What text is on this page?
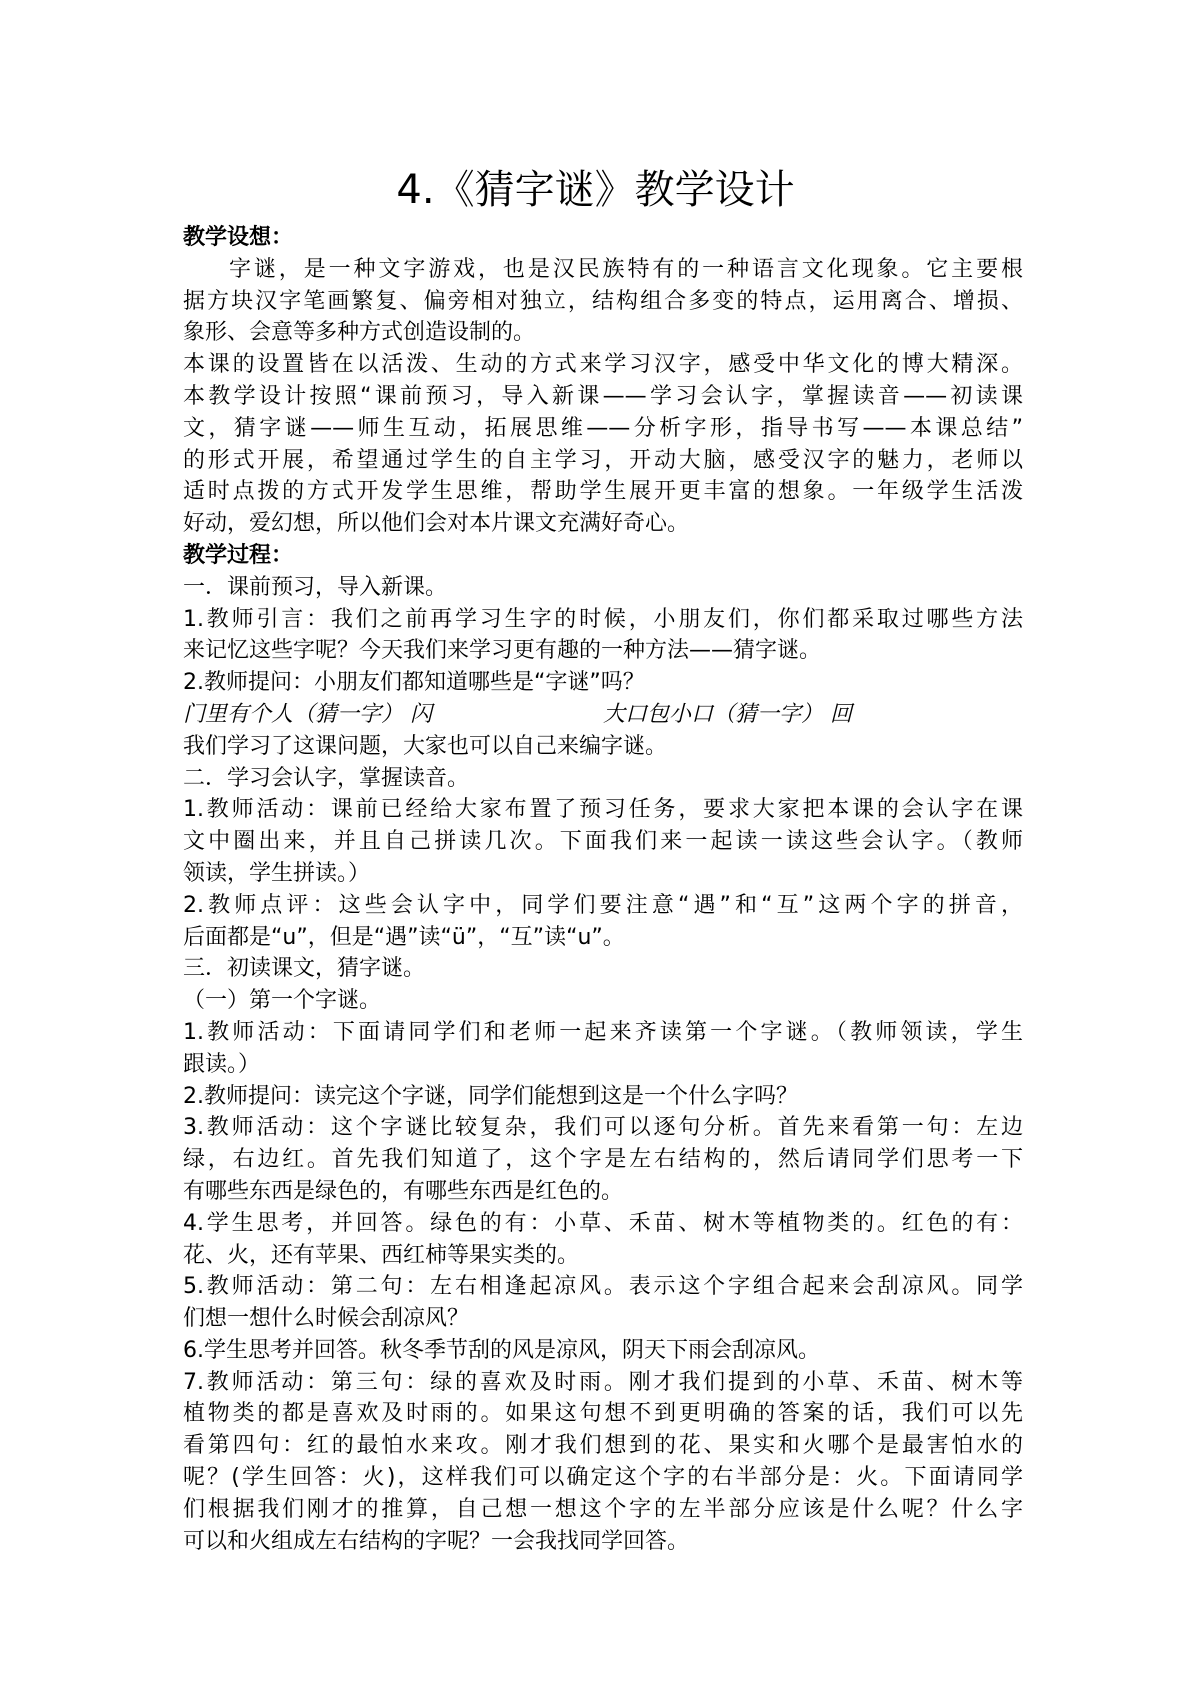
4.《猜字谜》教学设计
教学设想：
字谜，是一种文字游戏，也是汉民族特有的一种语言文化现象。它主要根
据方块汉字笔画繁复、偏旁相对独立，结构组合多变的特点，运用离合、增损、
象形、会意等多种方式创造设制的。
本课的设置皆在以活泼、生动的方式来学习汉字，感受中华文化的博大精深。
本教学设计按照“课前预习，导入新课——学习会认字，掌握读音——初读课
文，猜字谜——师生互动，拓展思维——分析字形，指导书写——本课总结”
的形式开展，希望通过学生的自主学习，开动大脑，感受汉字的魅力，老师以
适时点拨的方式开发学生思维，帮助学生展开更丰富的想象。一年级学生活泼
好动，爱幻想，所以他们会对本片课文充满好奇心。
教学过程：
一．课前预习，导入新课。
1.教师引言：我们之前再学习生字的时候，小朋友们，你们都采取过哪些方法
来记忆这些字呢？今天我们来学习更有趣的一种方法——猜字谜。
2.教师提问：小朋友们都知道哪些是“字谜”吗？
门里有个人（猜一字） 闪	大口包小口（猜一字） 回
我们学习了这课问题，大家也可以自己来编字谜。
二．学习会认字，掌握读音。
1.教师活动：课前已经给大家布置了预习任务，要求大家把本课的会认字在课
文中圈出来，并且自己拼读几次。下面我们来一起读一读这些会认字。（教师
领读，学生拼读。）
2.教师点评：这些会认字中，同学们要注意“遇”和“互”这两个字的拼音，
后面都是“u”，但是“遇”读“ü”，“互”读“u”。
三．初读课文，猜字谜。
（一）第一个字谜。
1.教师活动：下面请同学们和老师一起来齐读第一个字谜。（教师领读，学生
跟读。）
2.教师提问：读完这个字谜，同学们能想到这是一个什么字吗？
3.教师活动：这个字谜比较复杂，我们可以逐句分析。首先来看第一句：左边
绿，右边红。首先我们知道了，这个字是左右结构的，然后请同学们思考一下
有哪些东西是绿色的，有哪些东西是红色的。
4.学生思考，并回答。绿色的有：小草、禾苗、树木等植物类的。红色的有：
花、火，还有苹果、西红柿等果实类的。
5.教师活动：第二句：左右相逢起凉风。表示这个字组合起来会刮凉风。同学
们想一想什么时候会刮凉风？
6.学生思考并回答。秋冬季节刮的风是凉风，阴天下雨会刮凉风。
7.教师活动：第三句：绿的喜欢及时雨。刚才我们提到的小草、禾苗、树木等
植物类的都是喜欢及时雨的。如果这句想不到更明确的答案的话，我们可以先
看第四句：红的最怕水来攻。刚才我们想到的花、果实和火哪个是最害怕水的
呢？(学生回答：火)，这样我们可以确定这个字的右半部分是：火。下面请同学
们根据我们刚才的推算，自己想一想这个字的左半部分应该是什么呢？什么字
可以和火组成左右结构的字呢？一会我找同学回答。
